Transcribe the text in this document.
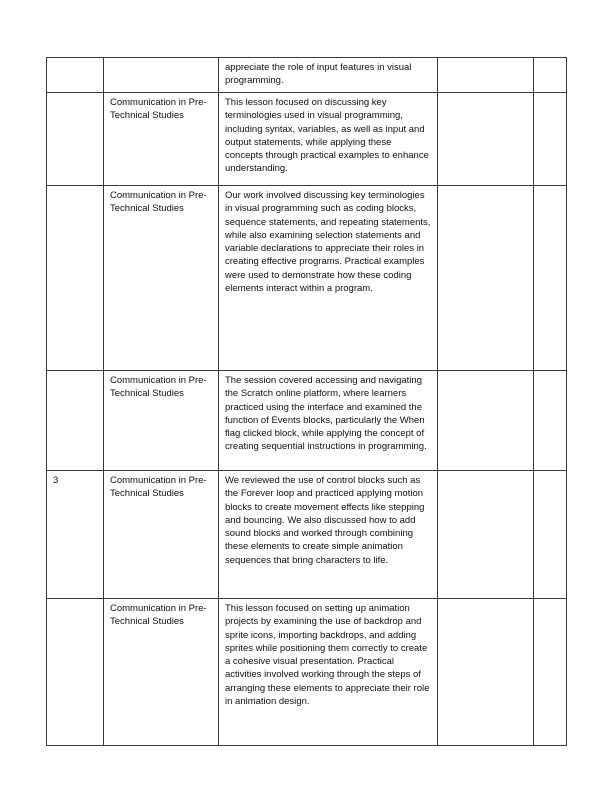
		appreciate the role of input features in visual programming.		
	Communication in Pre-Technical Studies	This lesson focused on discussing key terminologies used in visual programming, including syntax, variables, as well as input and output statements, while applying these concepts through practical examples to enhance understanding.		
	Communication in Pre-Technical Studies	Our work involved discussing key terminologies in visual programming such as coding blocks, sequence statements, and repeating statements, while also examining selection statements and variable declarations to appreciate their roles in creating effective programs. Practical examples were used to demonstrate how these coding elements interact within a program.		
	Communication in Pre-Technical Studies	The session covered accessing and navigating the Scratch online platform, where learners practiced using the interface and examined the function of Events blocks, particularly the When flag clicked block, while applying the concept of creating sequential instructions in programming.		
3	Communication in Pre-Technical Studies	We reviewed the use of control blocks such as the Forever loop and practiced applying motion blocks to create movement effects like stepping and bouncing. We also discussed how to add sound blocks and worked through combining these elements to create simple animation sequences that bring characters to life.		
	Communication in Pre-Technical Studies	This lesson focused on setting up animation projects by examining the use of backdrop and sprite icons, importing backdrops, and adding sprites while positioning them correctly to create a cohesive visual presentation. Practical activities involved working through the steps of arranging these elements to appreciate their role in animation design.		
